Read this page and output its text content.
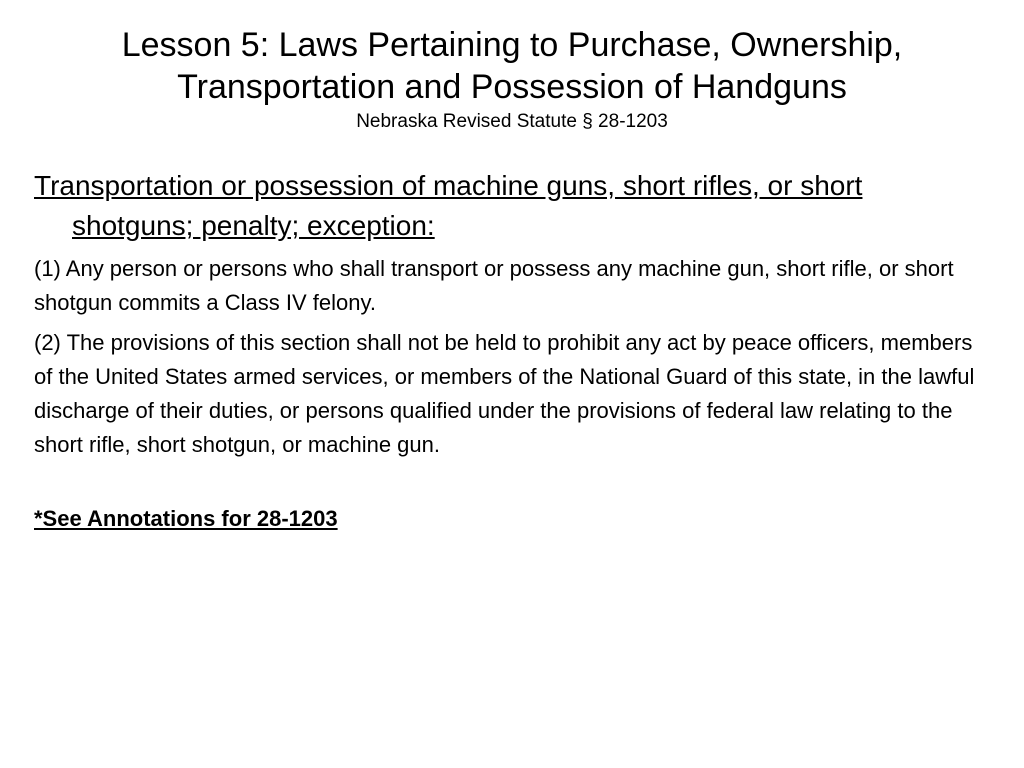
Lesson 5: Laws Pertaining to Purchase, Ownership, Transportation and Possession of Handguns

Nebraska Revised Statute § 28-1203

Transportation or possession of machine guns, short rifles, or short shotguns; penalty; exception:

(1) Any person or persons who shall transport or possess any machine gun, short rifle, or short shotgun commits a Class IV felony.

(2) The provisions of this section shall not be held to prohibit any act by peace officers, members of the United States armed services, or members of the National Guard of this state, in the lawful discharge of their duties, or persons qualified under the provisions of federal law relating to the short rifle, short shotgun, or machine gun.

*See Annotations for 28-1203
